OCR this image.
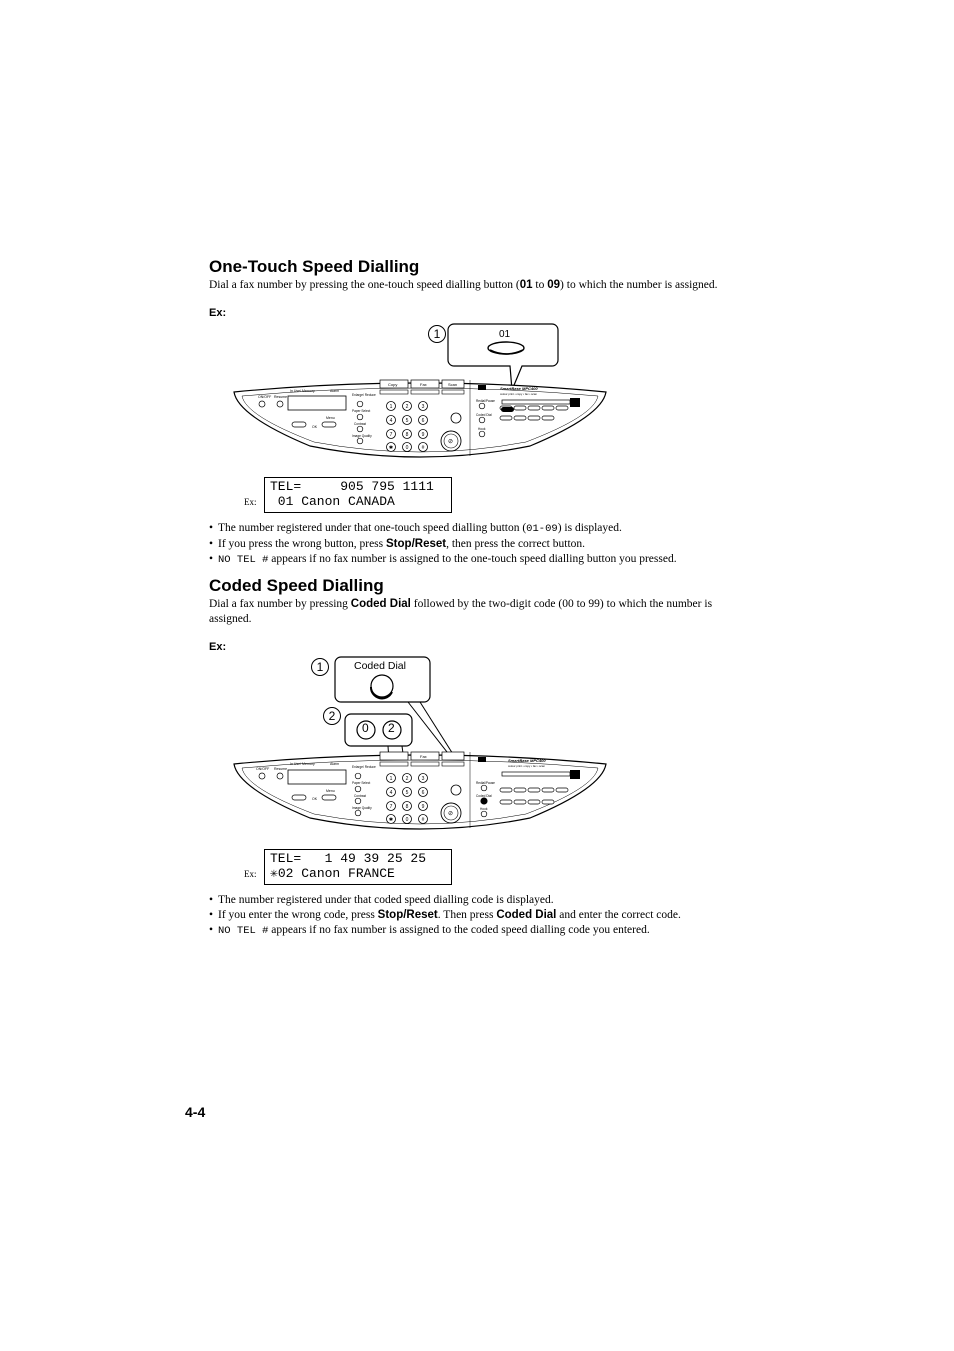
One-Touch Speed Dialling
Dial a fax number by pressing the one-touch speed dialling button (01 to 09) to which the number is assigned.
Ex:
1	01
ON/OFF Resume
In Use/ Memory	Alarm
OK
Menu
Enlarge/ Reduce
Paper Select
Contrast
Image Quality
Copy	Fax	Scan
1	2	3
4	5	6
7	8	9
✱	0	#
⊘
SmartBase MPC400
colour print • copy • fax • scan
Redial/Pause
Coded Dial
Hook
Ex:
TEL=     905 795 1111
01 Canon CANADA
• The number registered under that one-touch speed dialling button (01-09) is displayed.
• If you press the wrong button, press Stop/Reset, then press the correct button.
• NO TEL # appears if no fax number is assigned to the one-touch speed dialling button you pressed.
Coded Speed Dialling
Dial a fax number by pressing Coded Dial followed by the two-digit code (00 to 99) to which the number is
assigned.
Ex:
1
2
Coded Dial
0 2
ON/OFF Resume
In Use/ Memory	Alarm
OK
Menu
Enlarge/ Reduce
Paper Select
Contrast
Image Quality
Fax
1	2	3
4	5	6
7	8	9
✱	0	#
⊘
SmartBase MPC400
colour print • copy • fax • scan
Redial/Pause
Coded Dial
Hook
Ex:
TEL=   1 49 39 25 25
✳02 Canon FRANCE
• The number registered under that coded speed dialling code is displayed.
• If you enter the wrong code, press Stop/Reset. Then press Coded Dial and enter the correct code.
• NO TEL # appears if no fax number is assigned to the coded speed dialling code you entered.
4-4
